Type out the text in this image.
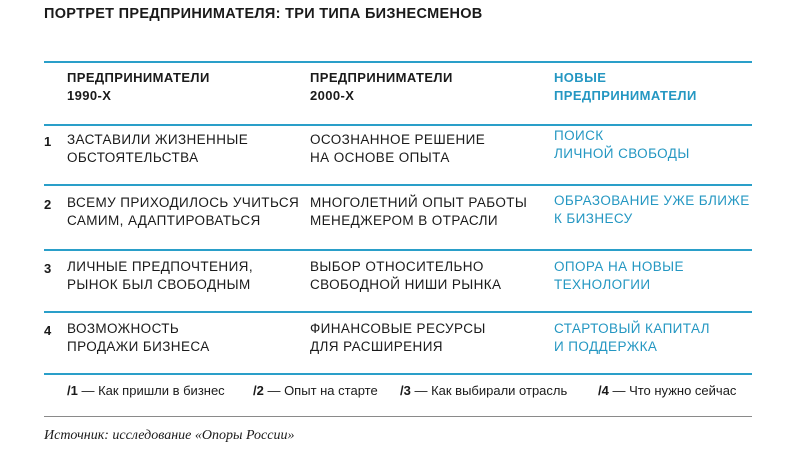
ПОРТРЕТ ПРЕДПРИНИМАТЕЛЯ: ТРИ ТИПА БИЗНЕСМЕНОВ
ПРЕДПРИНИМАТЕЛИ
1990-Х
ПРЕДПРИНИМАТЕЛИ
2000-Х
НОВЫЕ
ПРЕДПРИНИМАТЕЛИ
1 ЗАСТАВИЛИ ЖИЗНЕННЫЕ
ОБСТОЯТЕЛЬСТВА
ОСОЗНАННОЕ РЕШЕНИЕ
НА ОСНОВЕ ОПЫТА
ПОИСК
ЛИЧНОЙ СВОБОДЫ
2 ВСЕМУ ПРИХОДИЛОСЬ УЧИТЬСЯ
САМИМ, АДАПТИРОВАТЬСЯ
МНОГОЛЕТНИЙ ОПЫТ РАБОТЫ
МЕНЕДЖЕРОМ В ОТРАСЛИ
ОБРАЗОВАНИЕ УЖЕ БЛИЖЕ
К БИЗНЕСУ
3 ЛИЧНЫЕ ПРЕДПОЧТЕНИЯ,
РЫНОК БЫЛ СВОБОДНЫМ
ВЫБОР ОТНОСИТЕЛЬНО
СВОБОДНОЙ НИШИ РЫНКА
ОПОРА НА НОВЫЕ
ТЕХНОЛОГИИ
4 ВОЗМОЖНОСТЬ
ПРОДАЖИ БИЗНЕСА
ФИНАНСОВЫЕ РЕСУРСЫ
ДЛЯ РАСШИРЕНИЯ
СТАРТОВЫЙ КАПИТАЛ
И ПОДДЕРЖКА
/1 — Как пришли в бизнес /2 — Опыт на старте /3 — Как выбирали отрасль /4 — Что нужно сейчас
Источник: исследование «Опоры России»
